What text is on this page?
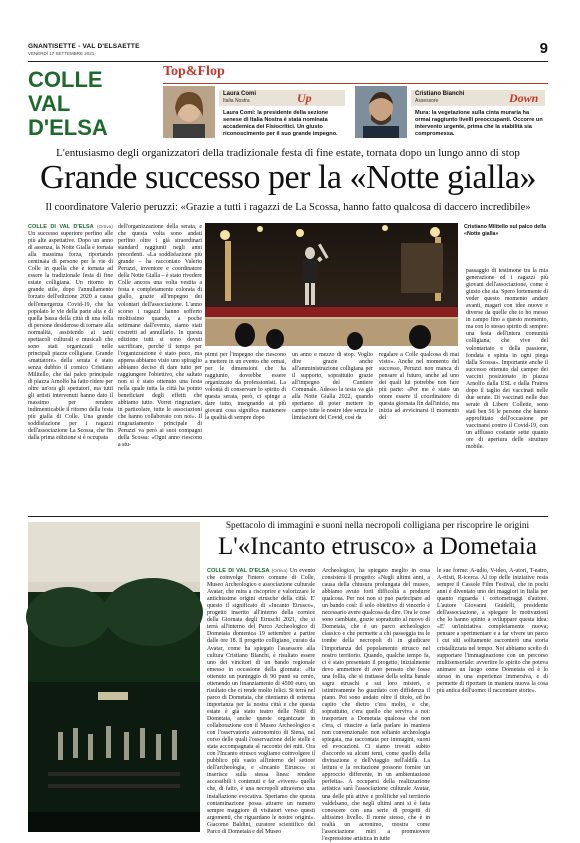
GNANTISETTE - VAL D'ELSAETTE
VENERDÌ 17 SETTEMBRE 2021	9
COLLE VAL D'ELSA
Top&Flop
Laura Comi
Italia Nostra	Up
Laura Comi: la presidente della sezione senese di Italia Nostra è stata nominata accademica dei Fisiocritici. Un giusto riconoscimento per il suo grande impegno.
Cristiano Bianchi
Assessore	Down
Mura: la vegetazione sulla cinta muraria ha ormai raggiunto livelli preoccupanti. Occorre un intervento urgente, prima che la stabilità sia compromessa.
L'entusiasmo degli organizzatori della tradizionale festa di fine estate, tornata dopo un lungo anno di stop
Grande successo per la «Notte gialla»
Il coordinatore Valerio peruzzi: «Grazie a tutti i ragazzi de La Scossa, hanno fatto qualcosa di daccero incredibile»

COLLE DI VAL D'ELSA (Ortiva) Un successo superiore perfino alle più alte aspettative. Dopo un anno di assenza, la Notte Gialla è tornata alla massima forza, riportando centinaia di persone per le vie di Colle in quella che è tornata ad essere la tradizionale festa di fine estate colligiana. Un ritorno in grande stile, dopo l'annullamento forzato dell'edizione 2020 a causa dell'emergenza Covid-19, che ha popolato le vie della parte alta e di quella bassa della città di una folla di persone desiderose di tornare alla normalità, assistendo ai tanti spettacoli culturali e musicali che sono stati organizzati nelle principali piazze colligiane. Grande «mattatore» della serata è stato senza dubbio il comico Cristiano Militello, che dal palco principale di piazza Arnolfo ha fatto ridere per oltre un'ora gli spettatori, ma tutti gli artisti intervenuti hanno dato il massimo per rendere indimenticabile il ritorno della festa più gialla di Colle. Una grande soddisfazione per i ragazzi dell'associazione La Scossa, che fin dalla prima edizione si è occupata

dell'organizzazione della serata, e che questa volta sono andati perfino oltre i già straordinari standard raggiunti negli anni precedenti. «La soddisfazione più grande – ha raccontato Valerio Peruzzi, inventore e coordinatore della Notte Gialla – è stato rivedere Colle ancora una volta vestita a festa e completamente colorata di giallo, grazie all'impegno dei volontari dell'associazione. L'anno scorso i ragazzi hanno sofferto moltissimo quando, a poche settimane dall'evento, siamo stati costretti ad annullarlo. In questa edizione tutti si sono dovuti sacrificare, perché il tempo per l'organizzazione è stato poco, ma appena abbiamo visto uno spiraglio abbiamo deciso di dare tutto per raggiungere l'obiettivo, che saltato non si è stato ottenuto una festa nella quale tutta la città ha potuto beneficiare degli effetti che abbiamo tutto. Vorrei ringraziare, in particolare, tutte le associazioni che hanno collaborato con noi». Il ringraziamento principale di Peruzzi va però ai suoi compagni della Scossa: «Ogni anno riescono a stu-

Cristiano Militello sul palco della «Notte gialla»

pirmi per l'impegno che riescono a mettere in un evento che ormai, per le dimensioni che ha raggiunto, dovrebbe essere organizzato da professionisti. La volontà di conservare lo spirito di questa serata, però, ci spinge a dare tutto, insegnando ai più giovani cosa significa mantenere la qualità di sempre dopo

un anno e mezzo di stop. Voglio dire grazie anche all'amministrazione colligiana per il supporto, soprattutto grazie all'impegno del Cantiere Comunale. Adesso la testa va già alla Notte Gialla 2022, quando speriamo di poter mettere in campo tutte le nostre idee senza le limitazioni del Covid, così da

regalare a Colle qualcosa di mai visto». Anche nel momento del successo, Peruzzi non manca di pensare al futuro, anche ad uno dei quali lui potrebbe non fare più parte: «Per me è stato un onore essere il coordinatore di questa giornata fin dall'inizio, ma inizia ad avvicinarsi il momento del

passaggio di testimone tra la mia generazione ed i ragazzi più giovani dell'associazione, come è giusto che sia. Spero fortemente di veder questo momento andare avanti, magari con idee nuove e diverse da quelle che io ho messo in campo fino a questo momento, ma con lo stesso spirito di sempre: una festa dell'intera comunità colligiana, che vive del volontariato e della passione, fondata e spinta in ogni piega dalla Scossa». Importante anche il successo ottenuto dal camper dei vaccini posizionato in piazza Arnolfo dalla USL e dalla Fratres dopo il taglio dei vaccinati nelle due serate. Di vaccinati nelle due serate di Libero Collette, sono stati ben 56 le persone che hanno approfittato dell'occasione per vaccinarsi contro il Covid-19, con un afflusso costante sette quanto ore di apertura delle strutture mobile.

Spettacolo di immagini e suoni nella necropoli colligiana per riscoprire le origini
L'«Incanto etrusco» a Dometaia

COLLE DI VAL D'ELSA (Ortiva) Un evento che coinvolge l'intero comune di Colle, Museo Archeologico e associazione culturale Avatar, che mira a riscoprire e valorizzare le antichissime origini etrusche della città. E' questo il significato di «Incanto Etrusco», progetto inserito all'interno della cornice della Giornata degli Etruschi 2021, che si terrà all'interno del Parco Archeologico di Dometaia domenica 19 settembre a partire dalle ore 18. Il progetto colligiano, curato da Avatar, come ha spiegato l'assessore alla cultura Cristiano Bianchi, è risultato essere uno dei vincitori di un bando regionale emesso in occasione della giornata: «Ha ottenuto un punteggio di 90 punti su cento, ottenendo un finanziamento di 4500 euro, un risultato che ci rende molto felici. Si terrà nel parco di Dometaia, che riteniamo di estrema importanza per la nostra città e che questa estate è già stato teatro delle Notti di Dometaia, anche queste organizzate in collaborazione con il Museo Archeologico e con l'osservatorio astronomico di Siena, nel corso delle quali l'osservazione delle stelle è stata accompagnata al racconto dei miti. Ora con l'Incanto etrusco vogliamo coinvolgere il pubblico più vasto all'interno del settore dell'archeologia, e «Incanto Etrusco» si inserisce sulla stessa linea: rendere accessibili i contenuti e far «vivere» quella che, di fatto, è una necropoli attraverso una installazione evocativa. Speriamo che questa contaminazione possa attrarre un numero sempre maggiore di visitatori verso questi argomenti, che riguardano le nostre origini». Giacomo Baldini, curatore scientifico del Parco di Dometaia e del Museo

Archeologico, ha spiegato meglio in cosa consisterà il progetto: «Negli ultimi anni, a causa della chiusura prolungata del museo, abbiamo avuto forti difficoltà a produrre qualcosa. Per noi non si può partecipare ad un bando così: il solo obiettivo di vincerlo è necessario avere qualcosa da dire. Ora le cose sono cambiate, grazie soprattutto al nuovo di Dometaia, che è un parco archeologico classico e che permette a chi passeggia tra le tombe della necropoli di in giudicare l'importanza del popolamento etrusco nel nostro territorio. Quando, qualche tempo fa, ci è stato presentato il progetto, inizialmente devo ammettere di aver pensato che fosse una follia, che si trattasse della solita banale sagra etruschi e sui loro misteri, e istintivamente ho guardato con diffidenza il piano. Poi sono andato oltre il titolo, ed ho capito che dietro c'era molto, e che, soprattutto, c'era quello che serviva a noi: trasportare a Dometaia qualcosa che non c'era, ci riuscire a farla parlare in maniera non convenzionale: non soltanto archeologia spiegata, ma raccontata per immagini, suoni ed evocazioni. Ci siamo trovati subito d'accordo su alcuni temi, come quello della divinazione e dell'viaggio nell'aldilà. La lettura e la recitazione possono fornire un approccio differente, in un ambientazione perfetta». A occuparsi della realizzazione artistica sarà l'associazione culturale Avatar, una delle più attive e prolifiche sul territorio valdelsano, che negli ultimi anni si è fatta conoscere con una serie di progetti di altissimo livello. Il nome stesso, che è in realtà un acronimo, mostra come l'associazione miri a promuovere l'espressione artistica in tutte

le sue forme: A-udio, V-ideo, A-utori, T-eatro, A-rtisti, R-icerca. Al top delle iniziative resta sempre il Cassole Film Festival, che in pochi anni è diventato uno dei maggiori in Italia per quanto riguarda i cortometraggi d'autore. L'autore Giovanni Guidelli, presidente dell'associazione, a spiegare le motivazioni che lo hanno spinto a sviluppare questa idea: «E' un'iniziativa completamente nuova; pensare a sperimentare e a far vivere un parco i cui siti solitamente racconterò una storia cristallizzata nel tempo. Noi abbiamo scelto di supportare l'immaginazione con un percorso multisensoriale: avvertire lo spirito che poteva animare un luogo come Dometaia ed è lo stesso in una esperienza immersiva, e di permette di riportare in maniera nuova la cosa più antica dell'uomo: il raccontare storie».
